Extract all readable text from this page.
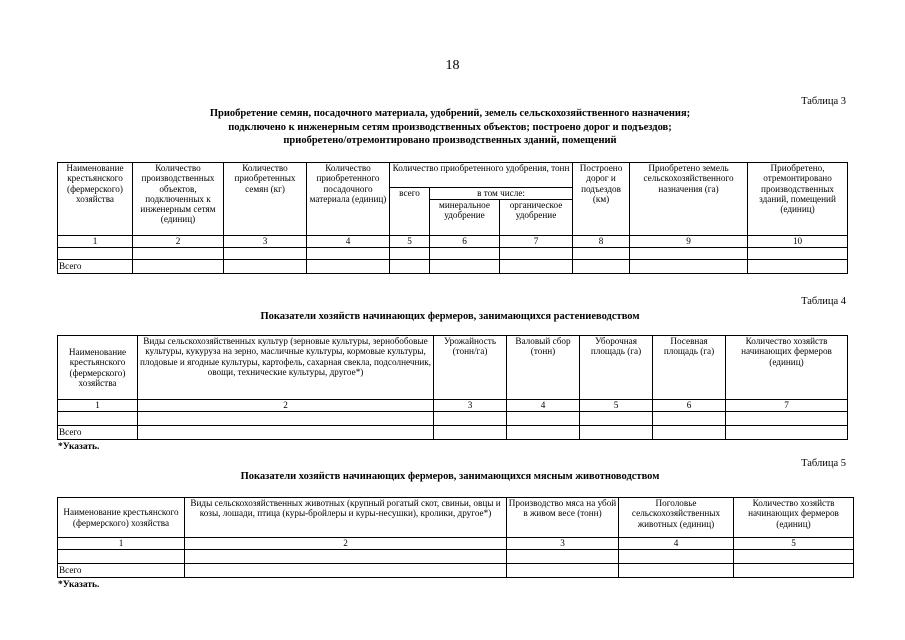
18
Таблица 3
Приобретение семян, посадочного материала, удобрений, земель сельскохозяйственного назначения;
подключено к инженерным сетям производственных объектов; построено дорог и подъездов;
приобретено/отремонтировано производственных зданий, помещений
Наименование крестьянского (фермерского) хозяйства	Количество производственных объектов, подключенных к инженерным сетям (единиц)	Количество приобретенных семян (кг)	Количество приобретенного посадочного материала (единиц)	Количество приобретенного удобрения, тонн			Построено дорог и подъездов (км)	Приобретено земель сельскохозяйственного назначения (га)	Приобретено, отремонтировано производственных зданий, помещений (единиц)
				всего	в том числе:				
					минеральное удобрение	органическое удобрение			
1	2	3	4	5	6	7	8	9	10

Всего									
Таблица 4
Показатели хозяйств начинающих фермеров, занимающихся растениеводством
Наименование крестьянского (фермерского) хозяйства	Виды сельскохозяйственных культур (зерновые культуры, зернобобовые культуры, кукуруза на зерно, масличные культуры, кормовые культуры, плодовые и ягодные культуры, картофель, сахарная свекла, подсолнечник, овощи, технические культуры, другое*)	Урожайность (тонн/га)	Валовый сбор (тонн)	Уборочная площадь (га)	Посевная площадь (га)	Количество хозяйств начинающих фермеров (единиц)
1	2	3	4	5	6	7

Всего						
*Указать.
Таблица 5
Показатели хозяйств начинающих фермеров, занимающихся мясным животноводством
Наименование крестьянского (фермерского) хозяйства	Виды сельскохозяйственных животных (крупный рогатый скот, свиньи, овцы и козы, лошади, птица (куры-бройлеры и куры-несушки), кролики, другое*)	Производство мяса на убой в живом весе (тонн)	Поголовье сельскохозяйственных животных (единиц)	Количество хозяйств начинающих фермеров (единиц)
1	2	3	4	5

Всего				
*Указать.
